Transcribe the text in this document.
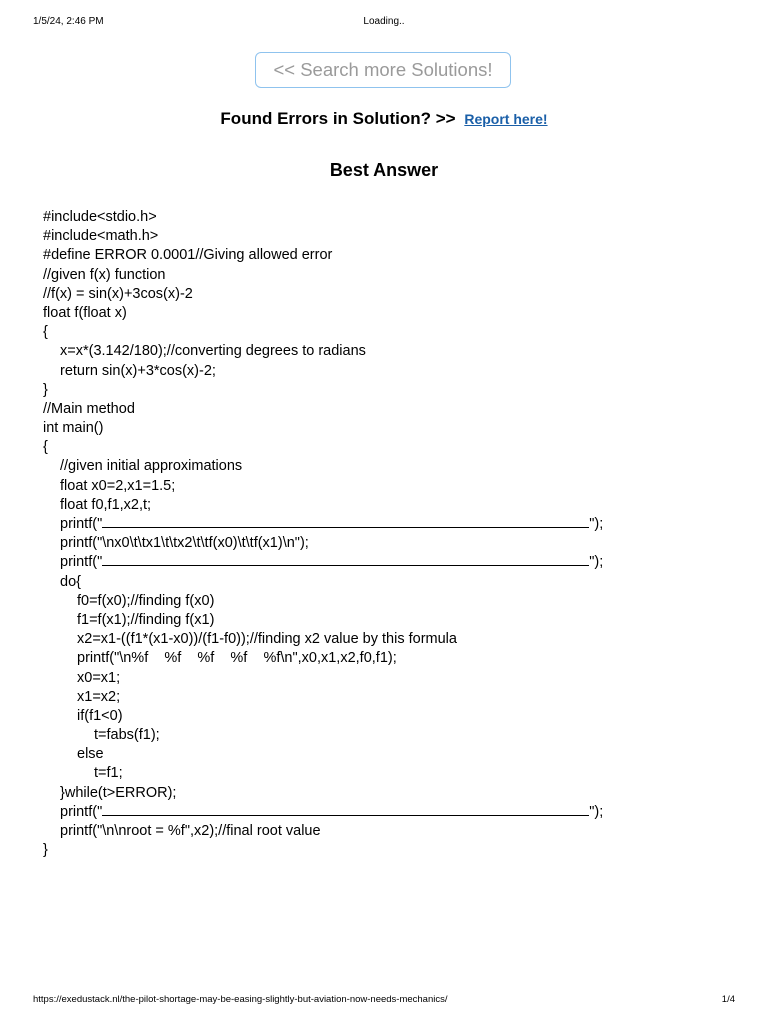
1/5/24, 2:46 PM	Loading..
<< Search more Solutions!
Found Errors in Solution? >> Report here!
Best Answer
#include<stdio.h>
#include<math.h>
#define ERROR 0.0001//Giving allowed error
//given f(x) function
//f(x) = sin(x)+3cos(x)-2
float f(float x)
{
x=x*(3.142/180);//converting degrees to radians
return sin(x)+3*cos(x)-2;
}
//Main method
int main()
{
//given initial approximations
float x0=2,x1=1.5;
float f0,f1,x2,t;
printf("	");
printf("\nx0\t\tx1\t\tx2\t\tf(x0)\t\tf(x1)\n");
printf("	");
do{
f0=f(x0);//finding f(x0)
f1=f(x1);//finding f(x1)
x2=x1-((f1*(x1-x0))/(f1-f0));//finding x2 value by this formula
printf("\n%f    %f    %f    %f    %f\n",x0,x1,x2,f0,f1);
x0=x1;
x1=x2;
if(f1<0)
t=fabs(f1);
else
t=f1;
}while(t>ERROR);
printf("	");
printf("\n\nroot = %f",x2);//final root value
}
https://exedustack.nl/the-pilot-shortage-may-be-easing-slightly-but-aviation-now-needs-mechanics/	1/4
